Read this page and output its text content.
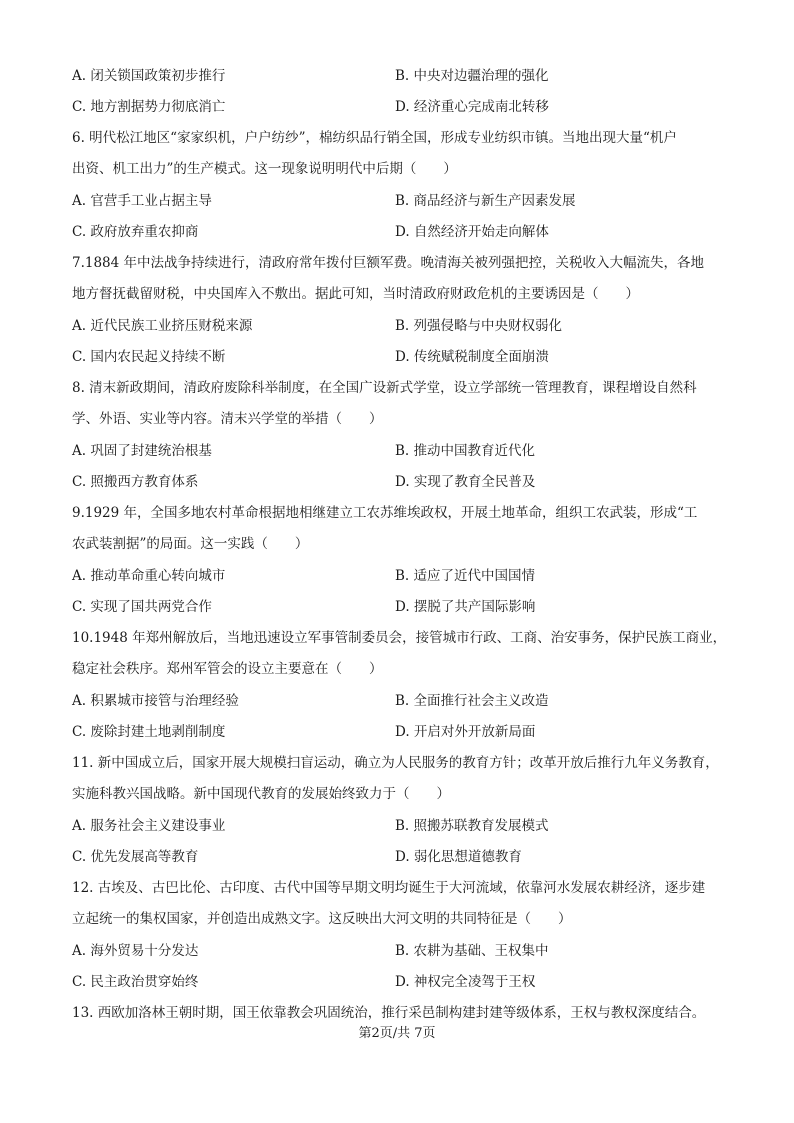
A. 闭关锁国政策初步推行	B. 中央对边疆治理的强化
C. 地方割据势力彻底消亡	D. 经济重心完成南北转移
6. 明代松江地区“家家织机，户户纺纱”，棉纺织品行销全国，形成专业纺织市镇。当地出现大量“机户
出资、机工出力”的生产模式。这一现象说明明代中后期（　　）
A. 官营手工业占据主导	B. 商品经济与新生产因素发展
C. 政府放弃重农抑商	D. 自然经济开始走向解体
7.1884 年中法战争持续进行，清政府常年拨付巨额军费。晚清海关被列强把控，关税收入大幅流失，各地
地方督抚截留财税，中央国库入不敷出。据此可知，当时清政府财政危机的主要诱因是（　　）
A. 近代民族工业挤压财税来源	B. 列强侵略与中央财权弱化
C. 国内农民起义持续不断	D. 传统赋税制度全面崩溃
8. 清末新政期间，清政府废除科举制度，在全国广设新式学堂，设立学部统一管理教育，课程增设自然科
学、外语、实业等内容。清末兴学堂的举措（　　）
A. 巩固了封建统治根基	B. 推动中国教育近代化
C. 照搬西方教育体系	D. 实现了教育全民普及
9.1929 年，全国多地农村革命根据地相继建立工农苏维埃政权，开展土地革命，组织工农武装，形成“工
农武装割据”的局面。这一实践（　　）
A. 推动革命重心转向城市	B. 适应了近代中国国情
C. 实现了国共两党合作	D. 摆脱了共产国际影响
10.1948 年郑州解放后，当地迅速设立军事管制委员会，接管城市行政、工商、治安事务，保护民族工商业，
稳定社会秩序。郑州军管会的设立主要意在（　　）
A. 积累城市接管与治理经验	B. 全面推行社会主义改造
C. 废除封建土地剥削制度	D. 开启对外开放新局面
11. 新中国成立后，国家开展大规模扫盲运动，确立为人民服务的教育方针；改革开放后推行九年义务教育，
实施科教兴国战略。新中国现代教育的发展始终致力于（　　）
A. 服务社会主义建设事业	B. 照搬苏联教育发展模式
C. 优先发展高等教育	D. 弱化思想道德教育
12. 古埃及、古巴比伦、古印度、古代中国等早期文明均诞生于大河流域，依靠河水发展农耕经济，逐步建
立起统一的集权国家，并创造出成熟文字。这反映出大河文明的共同特征是（　　）
A. 海外贸易十分发达	B. 农耕为基础、王权集中
C. 民主政治贯穿始终	D. 神权完全凌驾于王权
13. 西欧加洛林王朝时期，国王依靠教会巩固统治，推行采邑制构建封建等级体系，王权与教权深度结合。
第2页/共 7页
